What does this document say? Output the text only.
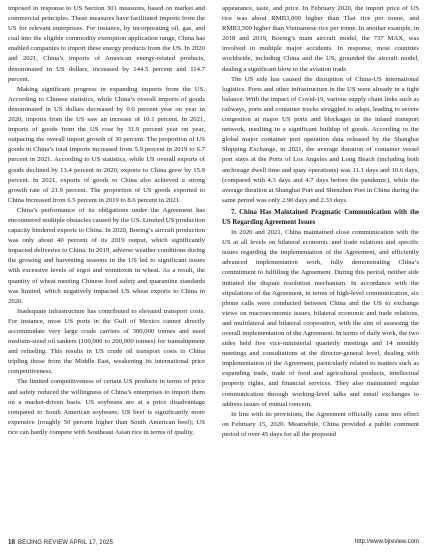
imposed in response to US Section 301 measures, based on market and commercial principles. These measures have facilitated imports from the US for relevant enterprises. For instance, by incorporating oil, gas, and coal into the eligible commodity exemption application range, China has enabled companies to import these energy products from the US. In 2020 and 2021, China’s imports of American energy-related products, denominated in US dollars, increased by 144.5 percent and 114.7 percent.

Making significant progress in expanding imports from the US. According to Chinese statistics, while China’s overall imports of goods denominated in US dollars decreased by 0.6 percent year on year in 2020, imports from the US saw an increase of 10.1 percent. In 2021, imports of goods from the US rose by 31.9 percent year on year, outpacing the overall import growth of 30 percent. The proportion of US goods in China’s total imports increased from 5.9 percent in 2019 to 6.7 percent in 2021. According to US statistics, while US overall exports of goods declined by 13.4 percent in 2020, exports to China grew by 15.9 percent. In 2021, exports of goods to China also achieved a strong growth rate of 21.9 percent. The proportion of US goods exported to China increased from 6.5 percent in 2019 to 8.6 percent in 2021.

China’s performance of its obligations under the Agreement has encountered multiple obstacles caused by the US. Limited US production capacity hindered exports to China. In 2020, Boeing’s aircraft production was only about 40 percent of its 2019 output, which significantly impacted deliveries to China. In 2019, adverse weather conditions during the growing and harvesting seasons in the US led to significant issues with excessive levels of ergot and vomitoxin in wheat. As a result, the quantity of wheat meeting Chinese food safety and quarantine standards was limited, which negatively impacted US wheat exports to China in 2020.

Inadequate infrastructure has contributed to elevated transport costs. For instance, most US ports in the Gulf of Mexico cannot directly accommodate very large crude carriers of 300,000 tonnes and need medium-sized oil tankers (100,000 to 200,000 tonnes) for transshipment and refueling. This results in US crude oil transport costs to China tripling those from the Middle East, weakening its international price competitiveness.

The limited competitiveness of certain US products in terms of price and safety reduced the willingness of China’s enterprises to import them on a market-driven basis. US soybeans are at a price disadvantage compared to South American soybeans; US beef is significantly more expensive (roughly 50 percent higher than South American beef); US rice can hardly compete with Southeast Asian rice in terms of quality,

appearance, taste, and price. In February 2020, the import price of US rice was about RMB3,000 higher than Thai rice per tonne, and RMB3,500 higher than Vietnamese rice per tonne. In another example, in 2018 and 2019, Boeing’s main aircraft model, the 737 MAX, was involved in multiple major accidents. In response, most countries worldwide, including China and the US, grounded the aircraft model, dealing a significant blow to the aviation trade.

The US side has caused the disruption of China-US international logistics. Ports and other infrastructure in the US were already in a tight balance. With the impact of Covid-19, various supply chain links such as railways, ports and container trucks struggled to adapt, leading to severe congestion at major US ports and blockages in the inland transport network, resulting in a significant buildup of goods. According to the global major container port operation data released by the Shanghai Shipping Exchange, in 2021, the average duration of container vessel port stays at the Ports of Los Angeles and Long Beach (including both anchorage dwell time and quay operations) was 11.1 days and 10.6 days, (compared with 4.3 days and 4.7 days before the pandemic), while the average duration at Shanghai Port and Shenzhen Port in China during the same period was only 2.96 days and 2.33 days.

7. China Has Maintained Pragmatic Communication with the US Regarding Agreement Issues

In 2020 and 2021, China maintained close communication with the US at all levels on bilateral economic and trade relations and specific issues regarding the implementation of the Agreement, and efficiently advanced implementation work, fully demonstrating China’s commitment to fulfilling the Agreement. During this period, neither side initiated the dispute resolution mechanism. In accordance with the stipulations of the Agreement, in terms of high-level communication, six phone calls were conducted between China and the US to exchange views on macroeconomic issues, bilateral economic and trade relations, and multilateral and bilateral cooperation, with the aim of assessing the overall implementation of the Agreement. In terms of daily work, the two sides held five vice-ministerial quarterly meetings and 14 monthly meetings and consultations at the director-general level, dealing with implementation of the Agreement, particularly related to matters such as expanding trade, trade of food and agricultural products, intellectual property rights, and financial services. They also maintained regular communication through working-level talks and email exchanges to address issues of mutual concern.

In line with its provisions, the Agreement officially came into effect on February 15, 2020. Meanwhile, China provided a public comment period of over 45 days for all the proposed

18 BEIJING REVIEW APRIL 17, 2025	http://www.bjreview.com
